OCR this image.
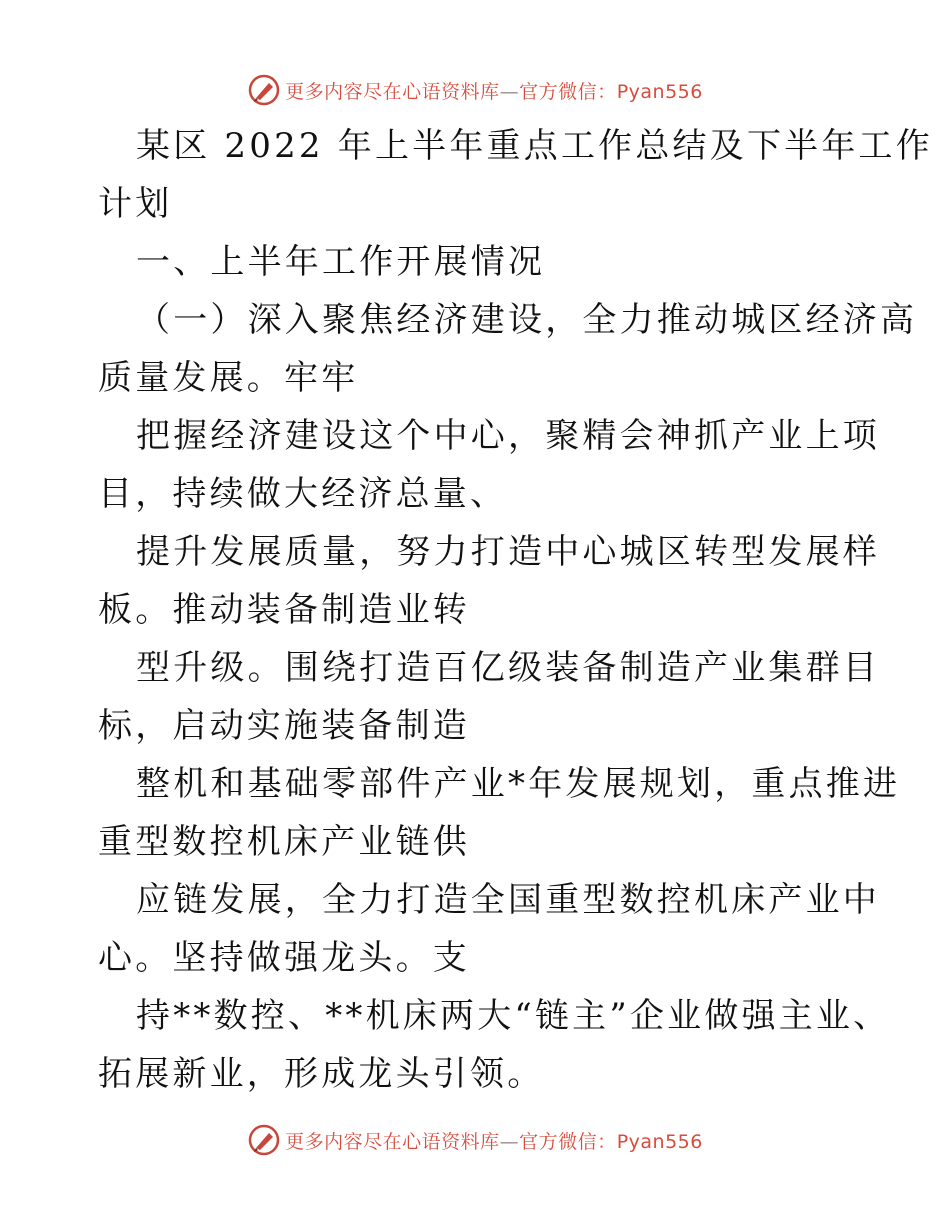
更多内容尽在心语资料库—官方微信：Pyan556
某区 2022 年上半年重点工作总结及下半年工作
计划
一、上半年工作开展情况
（一）深入聚焦经济建设，全力推动城区经济高
质量发展。牢牢
把握经济建设这个中心，聚精会神抓产业上项
目，持续做大经济总量、
提升发展质量，努力打造中心城区转型发展样
板。推动装备制造业转
型升级。围绕打造百亿级装备制造产业集群目
标，启动实施装备制造
整机和基础零部件产业*年发展规划，重点推进
重型数控机床产业链供
应链发展，全力打造全国重型数控机床产业中
心。坚持做强龙头。支
持**数控、**机床两大“链主”企业做强主业、
拓展新业，形成龙头引领。
更多内容尽在心语资料库—官方微信：Pyan556
